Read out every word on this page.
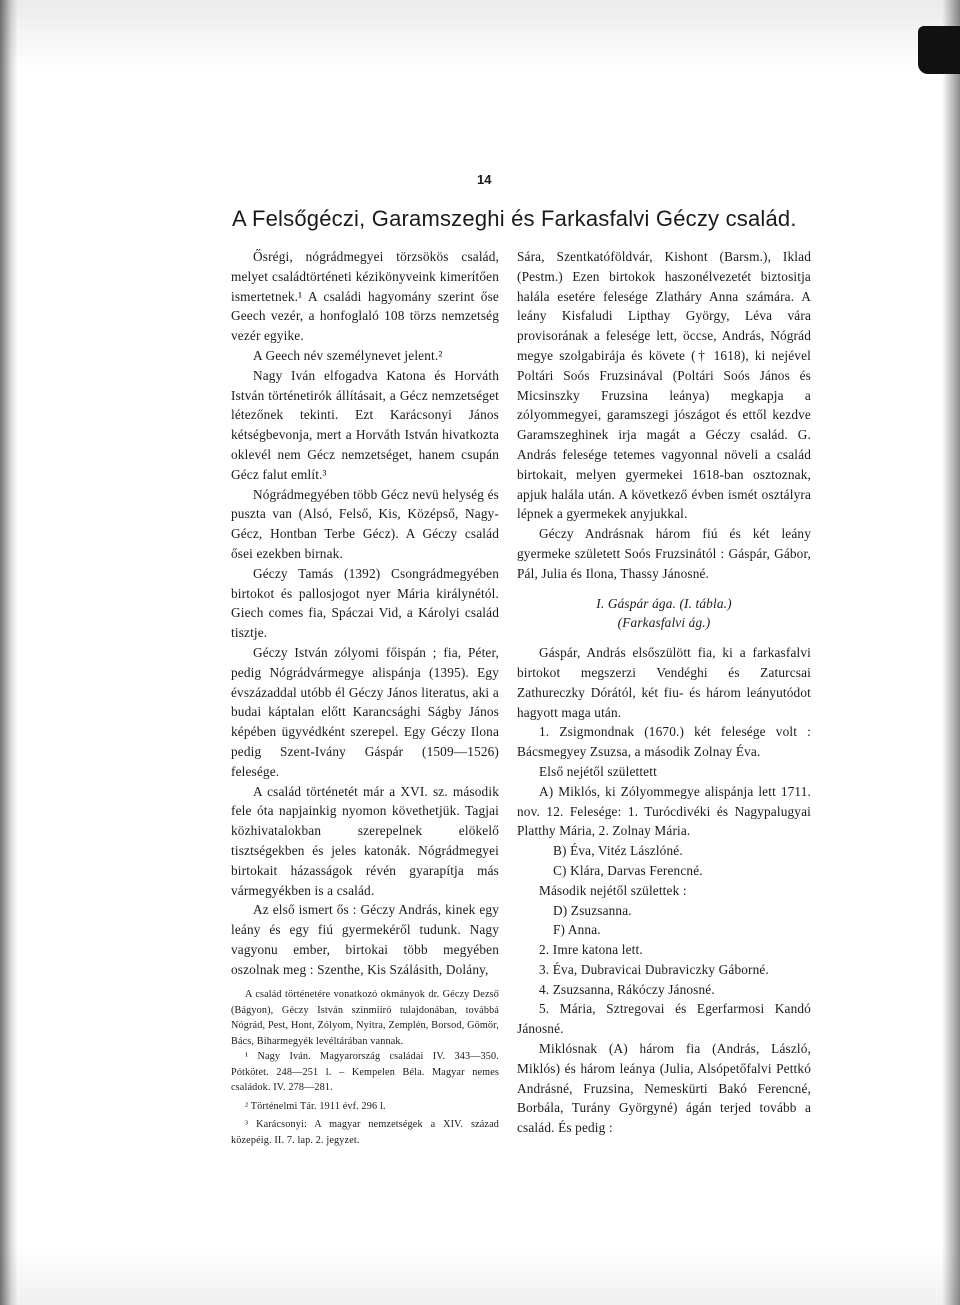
14
A Felsőgéczi, Garamszeghi és Farkasfalvi Géczy család.

Ősrégi, nógrádmegyei törzsökös család, melyet családtörténeti kézikönyveink kimerítően ismertetnek.¹ A családi hagyomány szerint őse Geech vezér, a honfoglaló 108 törzs nemzetség vezér egyike.

A Geech név személynevet jelent.²

Nagy Iván elfogadva Katona és Horváth István történetirók állításait, a Gécz nemzetséget létezőnek tekinti. Ezt Karácsonyi János kétségbevonja, mert a Horváth István hivatkozta oklevél nem Gécz nemzetséget, hanem csupán Gécz falut említ.³

Nógrádmegyében több Gécz nevü helység és puszta van (Alsó, Felső, Kis, Középső, Nagy-Gécz, Hontban Terbe Gécz). A Géczy család ősei ezekben birnak.

Géczy Tamás (1392) Csongrádmegyében birtokot és pallosjogot nyer Mária királynétól. Giech comes fia, Spáczai Vid, a Károlyi család tisztje.

Géczy István zólyomi főispán ; fia, Péter, pedig Nógrádvármegye alispánja (1395). Egy évszázaddal utóbb él Géczy János literatus, aki a budai káptalan előtt Karancsághi Ságby János képében ügyvédként szerepel. Egy Géczy Ilona pedig Szent-Ivány Gáspár (1509—1526) felesége.

A család történetét már a XVI. sz. második fele óta napjainkig nyomon követhetjük. Tagjai közhivatalokban szerepelnek elökelő tisztségekben és jeles katonák. Nógrádmegyei birtokait házasságok révén gyarapítja más vármegyékben is a család.

Az első ismert ős : Géczy András, kinek egy leány és egy fiú gyermekéről tudunk. Nagy vagyonu ember, birtokai több megyében oszolnak meg : Szenthe, Kis Szálásith, Dolány,

A család történetére vonatkozó okmányok dr. Géczy Dezső (Bágyon), Géczy István szinmiiró tulajdonában, továbbá Nógrád, Pest, Hont, Zólyom, Nyitra, Zemplén, Borsod, Gömör, Bács, Biharmegyék levéltárában vannak.

¹ Nagy Iván. Magyarország családai IV. 343—350. Pótkötet. 248—251 l. – Kempelen Béla. Magyar nemes családok. IV. 278—281.

² Történelmi Tár. 1911 évf. 296 l.

³ Karácsonyi: A magyar nemzetségek a XIV. század közepéig. II. 7. lap. 2. jegyzet.

Sára, Szentkatóföldvár, Kishont (Barsm.), Iklad (Pestm.) Ezen birtokok haszonélvezetét biztositja halála esetére felesége Zlatháry Anna számára. A leány Kisfaludi Lipthay György, Léva vára provisorának a felesége lett, öccse, András, Nógrád megye szolgabirája és követe († 1618), ki nejével Poltári Soós Fruzsinával (Poltári Soós János és Micsinszky Fruzsina leánya) megkapja a zólyommegyei, garamszegi jószágot és ettől kezdve Garamszeghinek irja magát a Géczy család. G. András felesége tetemes vagyonnal növeli a család birtokait, melyen gyermekei 1618-ban osztoznak, apjuk halála után. A következő évben ismét osztályra lépnek a gyermekek anyjukkal.

Géczy Andrásnak három fiú és két leány gyermeke született Soós Fruzsinától : Gáspár, Gábor, Pál, Julia és Ilona, Thassy Jánosné.

I. Gáspár ága. (I. tábla.)

(Farkasfalvi ág.)

Gáspár, András elsőszülött fia, ki a farkasfalvi birtokot megszerzi Vendéghi és Zaturcsai Zathureczky Dórától, két fiu- és három leányutódot hagyott maga után.

1. Zsigmondnak (1670.) két felesége volt : Bácsmegyey Zsuzsa, a második Zolnay Éva.

Első nejétől születtett

A) Miklós, ki Zólyommegye alispánja lett 1711. nov. 12. Felesége: 1. Turócdivéki és Nagypalugyai Platthy Mária, 2. Zolnay Mária.

B) Éva, Vitéz Lászlóné.

C) Klára, Darvas Ferencné.

Második nejétől születtek :

D) Zsuzsanna.

F) Anna.

2. Imre katona lett.

3. Éva, Dubravicai Dubraviczky Gáborné.

4. Zsuzsanna, Rákóczy Jánosné.

5. Mária, Sztregovai és Egerfarmosi Kandó Jánosné.

Miklósnak (A) három fia (András, László, Miklós) és három leánya (Julia, Alsópetőfalvi Pettkó Andrásné, Fruzsina, Nemeskürti Bakó Ferencné, Borbála, Turány Györgyné) ágán terjed tovább a család. És pedig :
